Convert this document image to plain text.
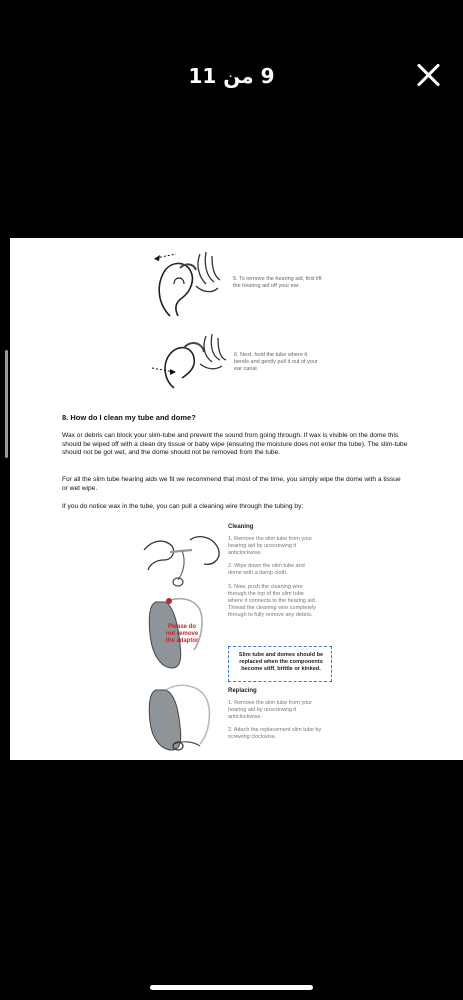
9 من 11
5. To remove the hearing aid, first lift the hearing aid off your ear.
6. Next, hold the tube where it bends and gently pull it out of your ear canal.
8. How do I clean my tube and dome?
Wax or debris can block your slim-tube and prevent the sound from going through. If wax is visible on the dome this should be wiped off with a clean dry tissue or baby wipe (ensuring the moisture does not enter the tube). The slim-tube should not be got wet, and the dome should not be removed from the tube.
For all the slim tube hearing aids we fit we recommend that most of the time, you simply wipe the dome with a tissue or wet wipe.
If you do notice wax in the tube, you can pull a cleaning wire through the tubing by:
Please do not remove the adaptor
Cleaning
1. Remove the slim tube from your hearing aid by unscrewing it anticlockwise.
2. Wipe down the slim tube and dome with a damp cloth.
3. Now, push the cleaning wire through the top of the slim tube where it connects to the hearing aid. Thread the cleaning wire completely through to fully remove any debris.
Slim tube and domes should be replaced when the components become stiff, brittle or kinked.
Replacing
1. Remove the slim tube from your hearing aid by unscrewing it anticlockwise.
2. Attach the replacement slim tube by screwing clockwise.
